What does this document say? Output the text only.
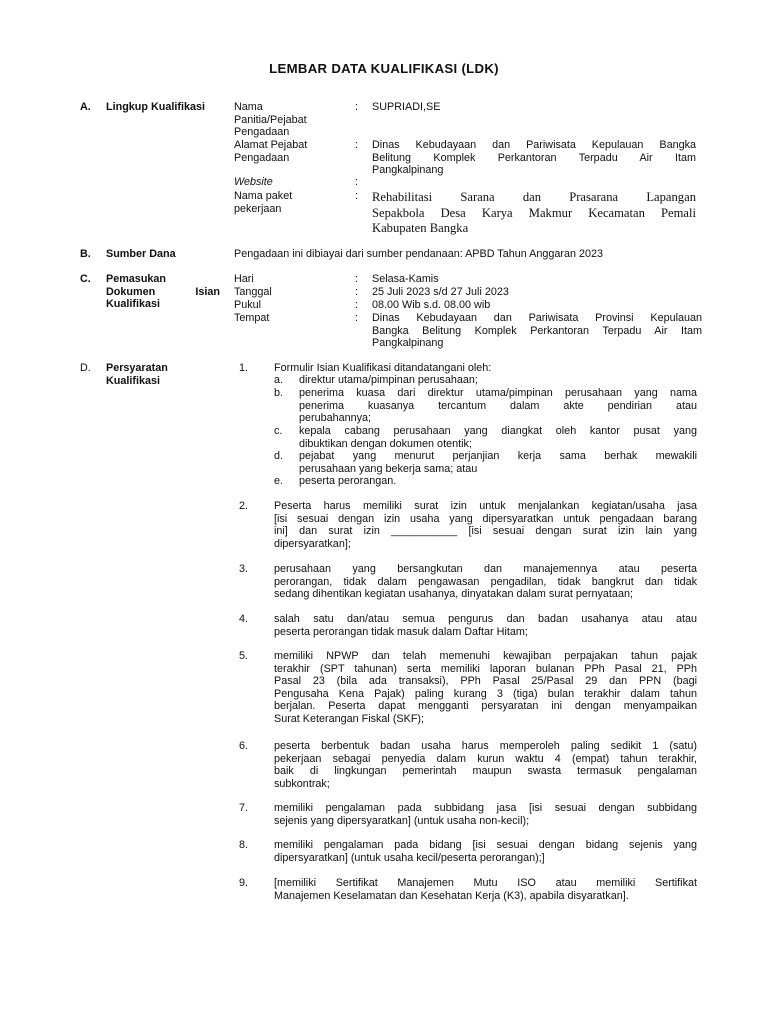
LEMBAR DATA KUALIFIKASI (LDK)
A. Lingkup Kualifikasi	Nama
Panitia/Pejabat
Pengadaan
: SUPRIADI,SE
Alamat Pejabat
Pengadaan
: Dinas Kebudayaan dan Pariwisata Kepulauan Bangka
Belitung Komplek Perkantoran Terpadu Air Itam
Pangkalpinang
Website	:
Nama paket
pekerjaan
: Rehabilitasi Sarana dan Prasarana Lapangan
Sepakbola Desa Karya Makmur Kecamatan Pemali
Kabupaten Bangka
B. Sumber Dana	Pengadaan ini dibiayai dari sumber pendanaan: APBD Tahun Anggaran 2023
C. Pemasukan
Dokumen Isian
Kualifikasi
Hari	: Selasa-Kamis
Tanggal	: 25 Juli 2023 s/d 27 Juli 2023
Pukul	: 08.00 Wib s.d. 08.00 wib
Tempat	: Dinas Kebudayaan dan Pariwisata Provinsi Kepulauan
Bangka Belitung Komplek Perkantoran Terpadu Air Itam
Pangkalpinang
D. Persyaratan
Kualifikasi
1. Formulir Isian Kualifikasi ditandatangani oleh:
a. direktur utama/pimpinan perusahaan;
b. penerima kuasa dari direktur utama/pimpinan perusahaan yang nama
penerima kuasanya tercantum dalam akte pendirian atau
perubahannya;
c. kepala cabang perusahaan yang diangkat oleh kantor pusat yang
dibuktikan dengan dokumen otentik;
d. pejabat yang menurut perjanjian kerja sama berhak mewakili
perusahaan yang bekerja sama; atau
e. peserta perorangan.
2. Peserta harus memiliki surat izin untuk menjalankan kegiatan/usaha jasa
[isi sesuai dengan izin usaha yang dipersyaratkan untuk pengadaan barang
ini] dan surat izin ___________ [isi sesuai dengan surat izin lain yang
dipersyaratkan];
3. perusahaan yang bersangkutan dan manajemennya atau peserta
perorangan, tidak dalam pengawasan pengadilan, tidak bangkrut dan tidak
sedang dihentikan kegiatan usahanya, dinyatakan dalam surat pernyataan;
4. salah satu dan/atau semua pengurus dan badan usahanya atau atau
peserta perorangan tidak masuk dalam Daftar Hitam;
5. memiliki NPWP dan telah memenuhi kewajiban perpajakan tahun pajak
terakhir (SPT tahunan) serta memiliki laporan bulanan PPh Pasal 21, PPh
Pasal 23 (bila ada transaksi), PPh Pasal 25/Pasal 29 dan PPN (bagi
Pengusaha Kena Pajak) paling kurang 3 (tiga) bulan terakhir dalam tahun
berjalan. Peserta dapat mengganti persyaratan ini dengan menyampaikan
Surat Keterangan Fiskal (SKF);
6. peserta berbentuk badan usaha harus memperoleh paling sedikit 1 (satu)
pekerjaan sebagai penyedia dalam kurun waktu 4 (empat) tahun terakhir,
baik di lingkungan pemerintah maupun swasta termasuk pengalaman
subkontrak;
7. memiliki pengalaman pada subbidang jasa [isi sesuai dengan subbidang
sejenis yang dipersyaratkan] (untuk usaha non-kecil);
8. memiliki pengalaman pada bidang [isi sesuai dengan bidang sejenis yang
dipersyaratkan] (untuk usaha kecil/peserta perorangan);]
9. [memiliki Sertifikat Manajemen Mutu ISO atau memiliki Sertifikat
Manajemen Keselamatan dan Kesehatan Kerja (K3), apabila disyaratkan].
